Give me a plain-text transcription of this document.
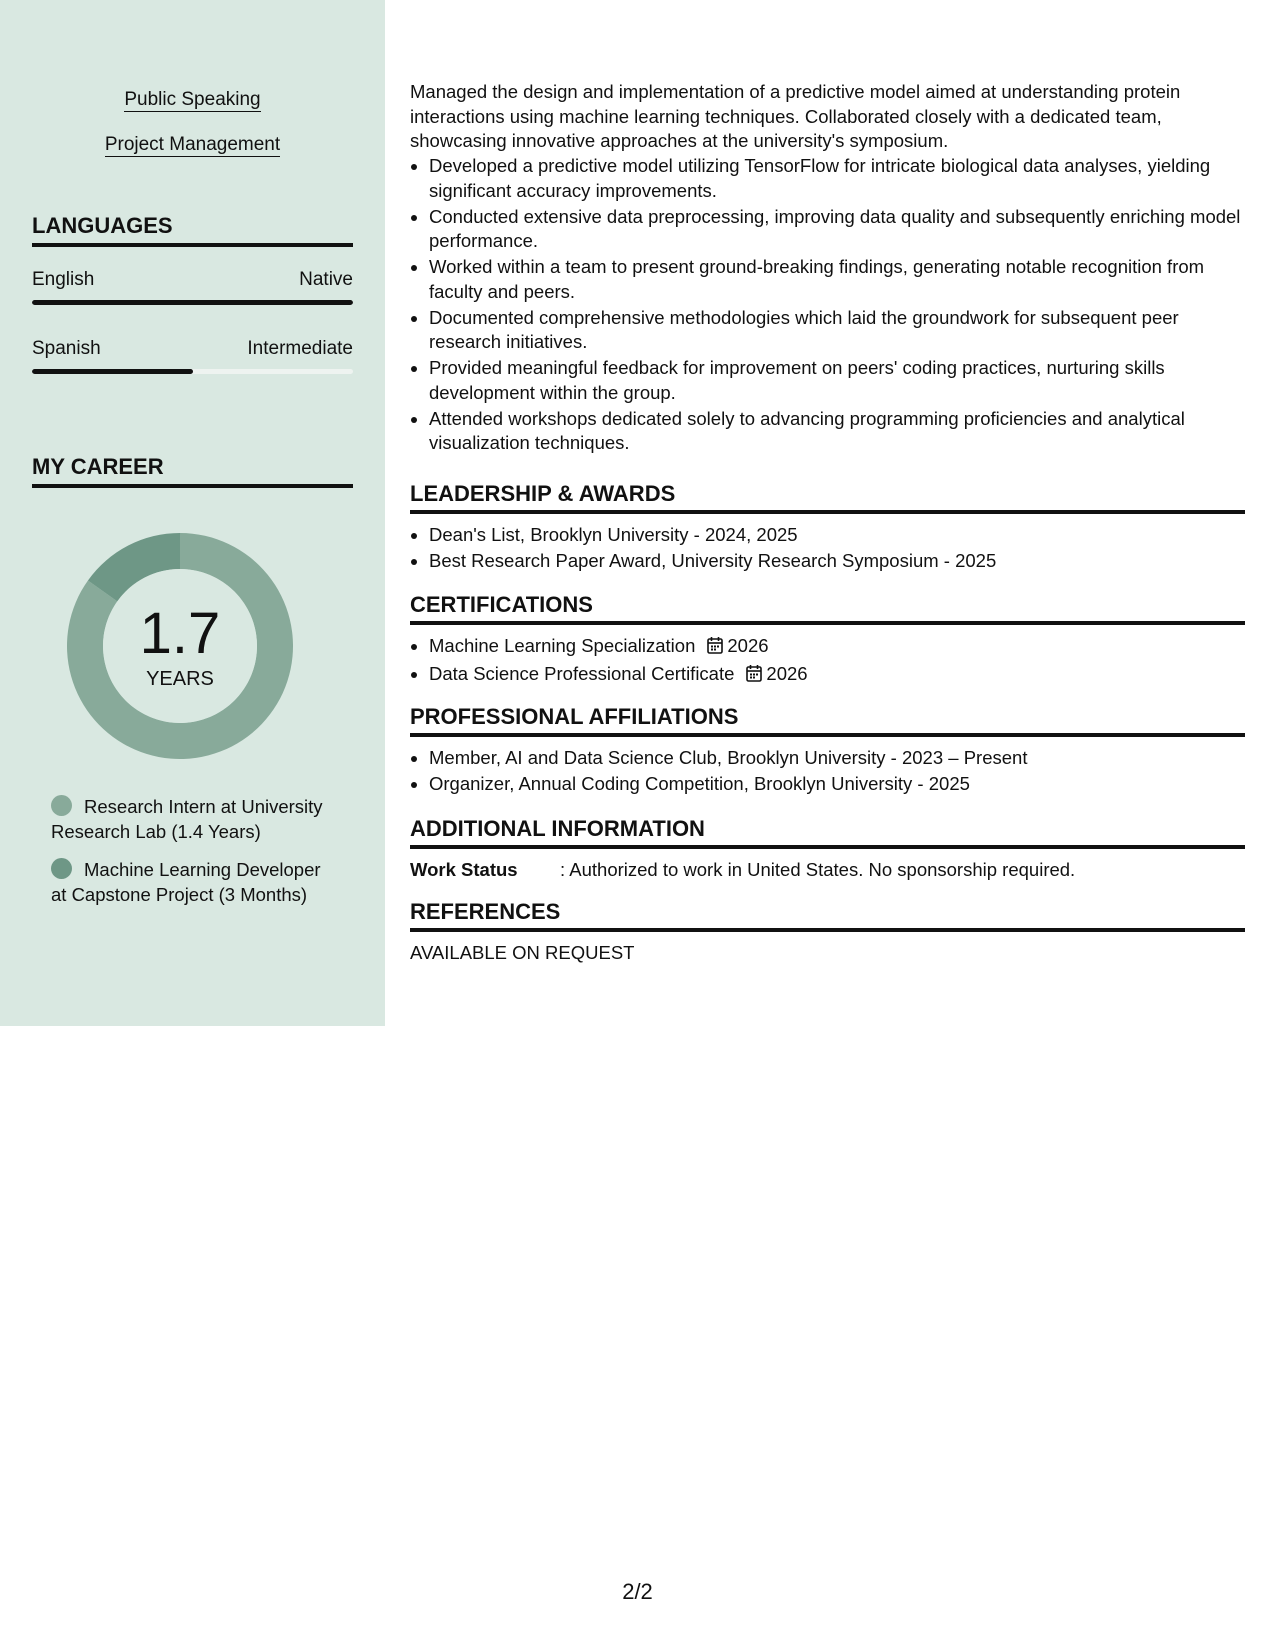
Public Speaking
Project Management
LANGUAGES
English	Native
Spanish	Intermediate
MY CAREER
1.7
YEARS
Research Intern at University Research Lab (1.4 Years)
Machine Learning Developer at Capstone Project (3 Months)
Managed the design and implementation of a predictive model aimed at understanding protein interactions using machine learning techniques. Collaborated closely with a dedicated team, showcasing innovative approaches at the university's symposium.
• Developed a predictive model utilizing TensorFlow for intricate biological data analyses, yielding significant accuracy improvements.
• Conducted extensive data preprocessing, improving data quality and subsequently enriching model performance.
• Worked within a team to present ground-breaking findings, generating notable recognition from faculty and peers.
• Documented comprehensive methodologies which laid the groundwork for subsequent peer research initiatives.
• Provided meaningful feedback for improvement on peers' coding practices, nurturing skills development within the group.
• Attended workshops dedicated solely to advancing programming proficiencies and analytical visualization techniques.
LEADERSHIP & AWARDS
• Dean's List, Brooklyn University - 2024, 2025
• Best Research Paper Award, University Research Symposium - 2025
CERTIFICATIONS
• Machine Learning Specialization 2026
• Data Science Professional Certificate 2026
PROFESSIONAL AFFILIATIONS
• Member, AI and Data Science Club, Brooklyn University - 2023 – Present
• Organizer, Annual Coding Competition, Brooklyn University - 2025
ADDITIONAL INFORMATION
Work Status : Authorized to work in United States. No sponsorship required.
REFERENCES
AVAILABLE ON REQUEST
2/2
